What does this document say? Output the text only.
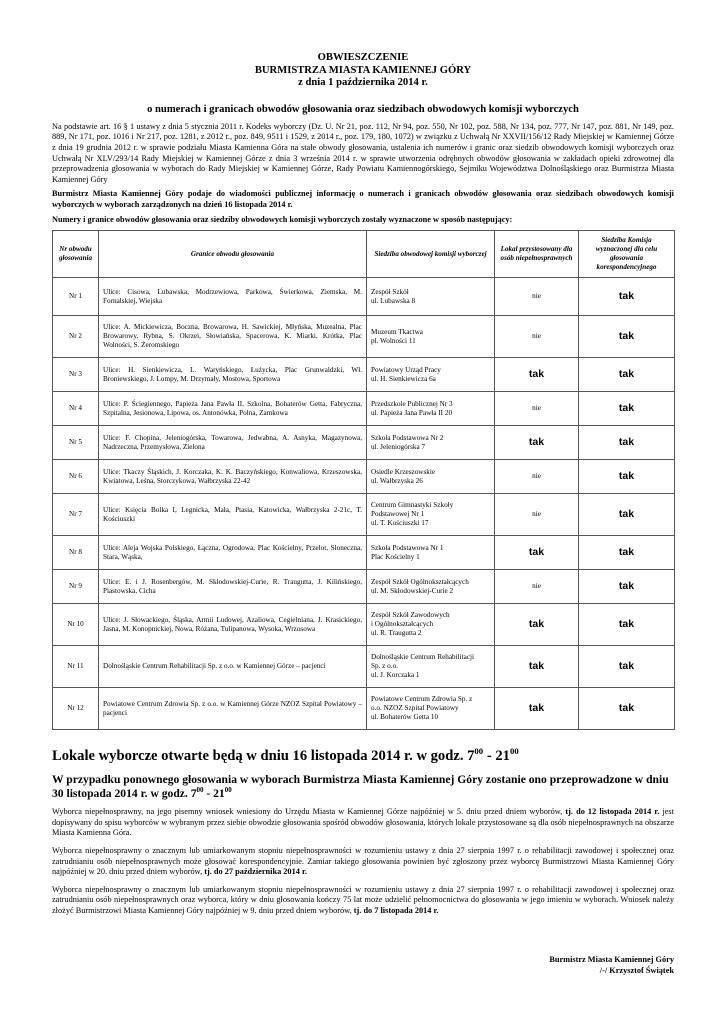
OBWIESZCZENIE
BURMISTRZA MIASTA KAMIENNEJ GÓRY
z dnia 1 października 2014 r.
o numerach i granicach obwodów głosowania oraz siedzibach obwodowych komisji wyborczych

Na podstawie art. 16 § 1 ustawy z dnia 5 stycznia 2011 r. Kodeks wyborczy (Dz. U. Nr 21, poz. 112, Nr 94, poz. 550, Nr 102, poz. 588, Nr 134, poz. 777, Nr 147, poz. 881, Nr 149, poz. 889, Nr 171, poz. 1016 i Nr 217, poz. 1281, z 2012 r., poz. 849, 9511 i 1529, z 2014 r., poz. 179, 180, 1072) w związku z Uchwałą Nr XXVII/156/12 Rady Miejskiej w Kamiennej Górze z dnia 19 grudnia 2012 r. w sprawie podziału Miasta Kamienna Góra na stałe obwody głosowania, ustalenia ich numerów i granic oraz siedzib obwodowych komisji wyborczych oraz Uchwałą Nr XLV/293/14 Rady Miejskiej w Kamiennej Górze z dnia 3 września 2014 r. w sprawie utworzenia odrębnych obwodów głosowania w zakładach opieki zdrowotnej dla przeprowadzenia głosowania w wyborach do Rady Miejskiej w Kamiennej Górze, Rady Powiatu Kamiennogórskiego, Sejmiku Województwa Dolnośląskiego oraz Burmistrza Miasta Kamiennej Góry

Burmistrz Miasta Kamiennej Góry podaje do wiadomości publicznej informację o numerach i granicach obwodów głosowania oraz siedzibach obwodowych komisji wyborczych w wyborach zarządzonych na dzień 16 listopada 2014 r.

Numery i granice obwodów głosowania oraz siedziby obwodowych komisji wyborczych zostały wyznaczone w sposób następujący:

Nr obwodu głosowania	Granice obwodu głosowania	Siedziba obwodowej komisji wyborczej	Lokal przystosowany dla osób niepełnosprawnych	Siedziba Komisja wyznaczonej dla celu głosowania korespondencyjnego
Nr 1	Ulice: Cisowa, Lubawska, Modrzewiowa, Parkowa, Świerkowa, Ziemska, M. Fornalskiej, Wiejska	Zespół Szkół
ul. Lubawska 8	nie	tak
Nr 2	Ulice: A. Mickiewicza, Boczna, Browarowa, H. Sawickiej, Młyńska, Muzealna, Plac Browarowy, Rybna, S. Okrzei, Słowiańska, Spacerowa, K. Miarki, Krótka, Plac Wolności, S. Żeromskiego	Muzeum Tkactwa
pl. Wolności 11	nie	tak
Nr 3	Ulice: H. Sienkiewicza, L. Waryńskiego, Łużycka, Plac Grunwaldzki, Wł. Broniewskiego, J. Lompy, M. Drzymały, Mostowa, Sportowa	Powiatowy Urząd Pracy
ul. H. Sienkiewicza 6a	tak	tak
Nr 4	Ulice: P. Ściegiennego, Papieża Jana Pawła II, Szkolna, Bohaterów Getta, Fabryczna, Szpitalna, Jesionowa, Lipowa, os. Antonówka, Polna, Zamkowa	Przedszkole Publicznej Nr 3
ul. Papieża Jana Pawła II 20	nie	tak
Nr 5	Ulice: F. Chopina, Jeleniogórska, Towarowa, Jedwabna, A. Asnyka, Magazynowa, Nadrzeczna, Przemysłowa, Zielona	Szkoła Podstawowa Nr 2
ul. Jeleniogórska 7	tak	tak
Nr 6	Ulice: Tkaczy Śląskich, J. Korczaka, K. K. Baczyńskiego, Konwaliowa, Krzeszowska, Kwiatowa, Leśna, Storczykowa, Wałbrzyska 22-42	Osiedle Krzeszowskie
ul. Wałbrzyska 26	nie	tak
Nr 7	Ulice: Księcia Bolka I, Legnicka, Mała, Ptasia, Katowicka, Wałbrzyska 2-21c, T. Kościuszki	Centrum Gimnastyki Szkoły
Podstawowej Nr 1
ul. T. Kościuszki 17	nie	tak
Nr 8	Ulice: Aleja Wojska Polskiego, Łączna, Ogrodowa, Plac Kościelny, Przelot, Słoneczna, Stara, Wąska,	Szkoła Podstawowa Nr 1
Plac Kościelny 1	tak	tak
Nr 9	Ulice: E. i J. Rosenbergów, M. Skłodowskiej-Curie, R. Traugutta, J. Kilińskiego, Piastowska, Cicha	Zespół Szkół Ogólnokształcących
ul. M. Skłodowskiej-Curie 2	nie	tak
Nr 10	Ulice: J. Słowackiego, Śląska, Armii Ludowej, Azaliowa, Cegielniana, J. Krasickiego, Jasna, M. Konopnickiej, Nowa, Różana, Tulipanowa, Wysoka, Wrzosowa	Zespół Szkół Zawodowych
i Ogólnokształcących
ul. R. Traugutta 2	tak	tak
Nr 11	Dolnośląskie Centrum Rehabilitacji Sp. z o.o. w Kamiennej Górze – pacjenci	Dolnośląskie Centrum Rehabilitacji
Sp. z o.o.
ul. J. Korczaka 1	tak	tak
Nr 12	Powiatowe Centrum Zdrowia Sp. z o.o. w Kamiennej Górze NZOZ Szpital Powiatowy – pacjenci	Powiatowe Centrum Zdrowia Sp. z
o.o. NZOZ Szpital Powiatowy
ul. Bohaterów Getta 10	tak	tak
Lokale wyborcze otwarte będą w dniu 16 listopada 2014 r. w godz. $7^{00} - 21^{00}$
W przypadku ponownego głosowania w wyborach Burmistrza Miasta Kamiennej Góry zostanie ono przeprowadzone w dniu 30 listopada 2014 r. w godz. $7^{00} - 21^{00}$

Wyborca niepełnosprawny, na jego pisemny wniosek wniesiony do Urzędu Miasta w Kamiennej Górze najpóźniej w 5. dniu przed dniem wyborów, tj. do 12 listopada 2014 r. jest dopisywany do spisu wyborców w wybranym przez siebie obwodzie głosowania spośród obwodów głosowania, których lokale przystosowane są dla osób niepełnosprawnych na obszarze Miasta Kamienna Góra.

Wyborca niepełnosprawny o znacznym lub umiarkowanym stopniu niepełnosprawności w rozumieniu ustawy z dnia 27 sierpnia 1997 r. o rehabilitacji zawodowej i społecznej oraz zatrudnianiu osób niepełnosprawnych może głosować korespondencyjnie. Zamiar takiego głosowania powinien być zgłoszony przez wyborcę Burmistrzowi Miasta Kamiennej Góry najpóźniej w 20. dniu przed dniem wyborów, tj. do 27 października 2014 r.

Wyborca niepełnosprawny o znacznym lub umiarkowanym stopniu niepełnosprawności w rozumieniu ustawy z dnia 27 sierpnia 1997 r. o rehabilitacji zawodowej i społecznej oraz zatrudnianiu osób niepełnosprawnych oraz wyborca, który w dniu głosowania kończy 75 lat może udzielić pełnomocnictwa do głosowania w jego imieniu w wyborach. Wniosek należy złożyć Burmistrzowi Miasta Kamiennej Góry najpóźniej w 9. dniu przed dniem wyborów, tj. do 7 listopada 2014 r.

Burmistrz Miasta Kamiennej Góry
/-/ Krzysztof Świątek
